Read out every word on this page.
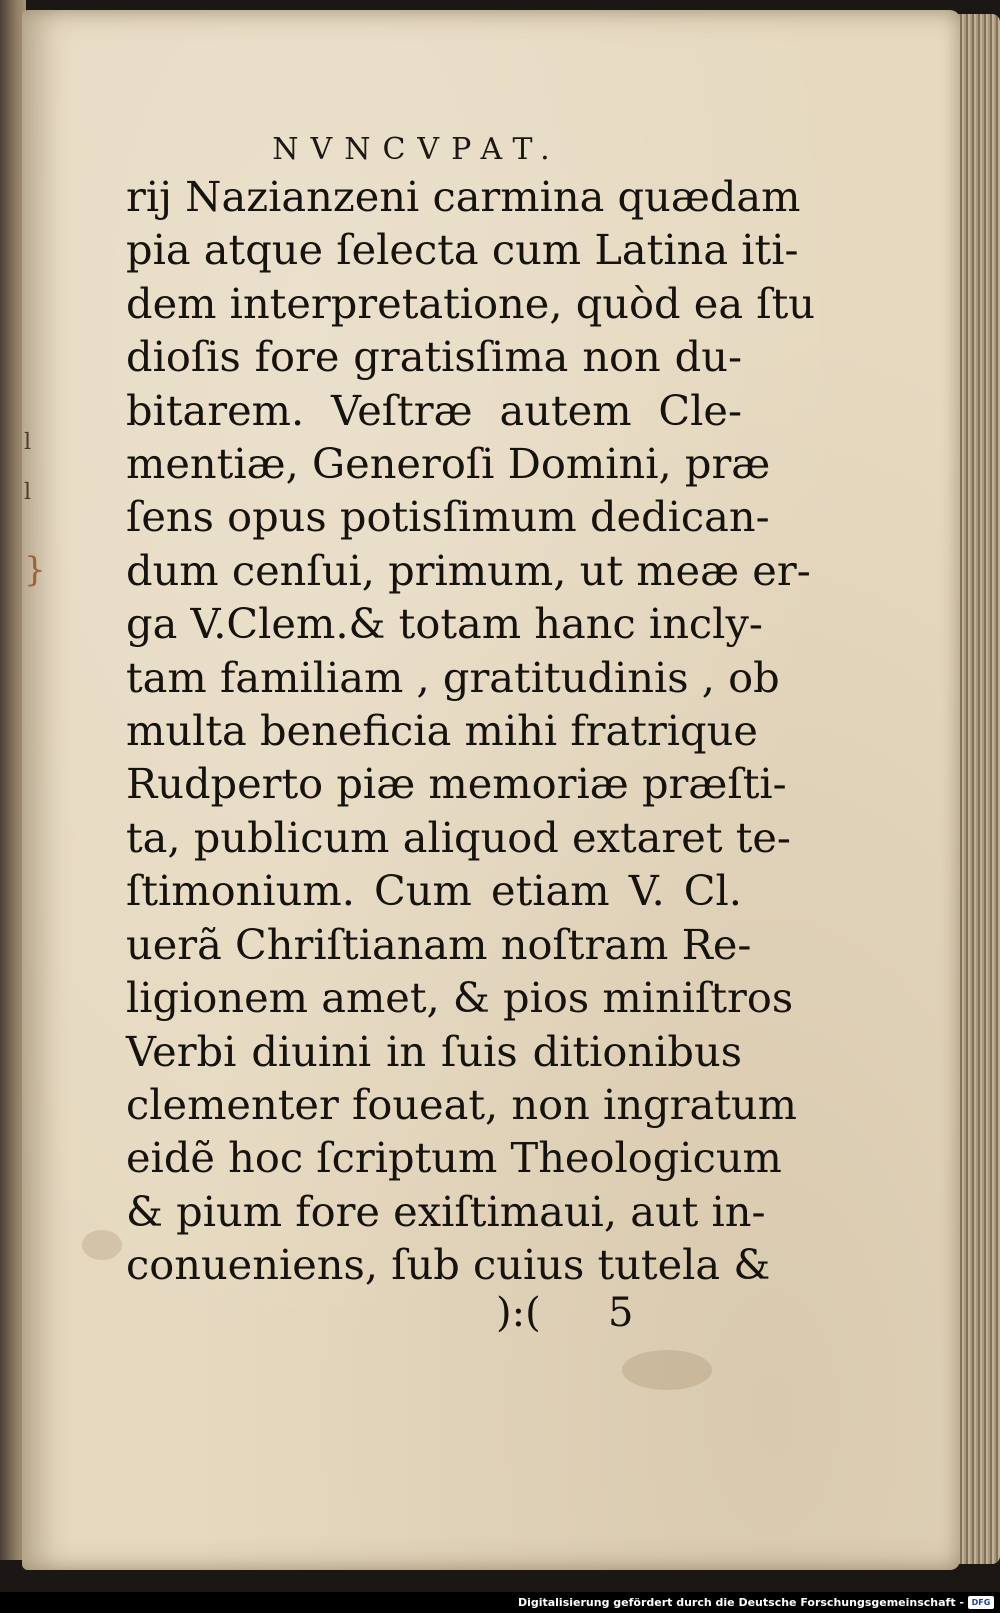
l
l
}
NVNCVPAT.
rij Nazianzeni carmina quædam
pia atque ſelecta cum Latina iti-
dem interpretatione, quòd ea ſtu
dioſis fore gratisſima non du-
bitarem. Veſtræ autem Cle-
mentiæ, Generoſi Domini, præ
ſens opus potisſimum dedican-
dum cenſui, primum, ut meæ er-
ga V.Clem.& totam hanc incly-
tam familiam , gratitudinis , ob
multa beneficia mihi fratrique
Rudperto piæ memoriæ præſti-
ta, publicum aliquod extaret te-
ſtimonium. Cum etiam V. Cl.
uerã Chriſtianam noſtram Re-
ligionem amet, & pios miniſtros
Verbi diuini in ſuis ditionibus
clementer foueat, non ingratum
eidẽ hoc ſcriptum Theologicum
& pium fore exiſtimaui, aut in-
conueniens, ſub cuius tutela &
):( 5
Digitalisierung gefördert durch die Deutsche Forschungsgemeinschaft - DFG
